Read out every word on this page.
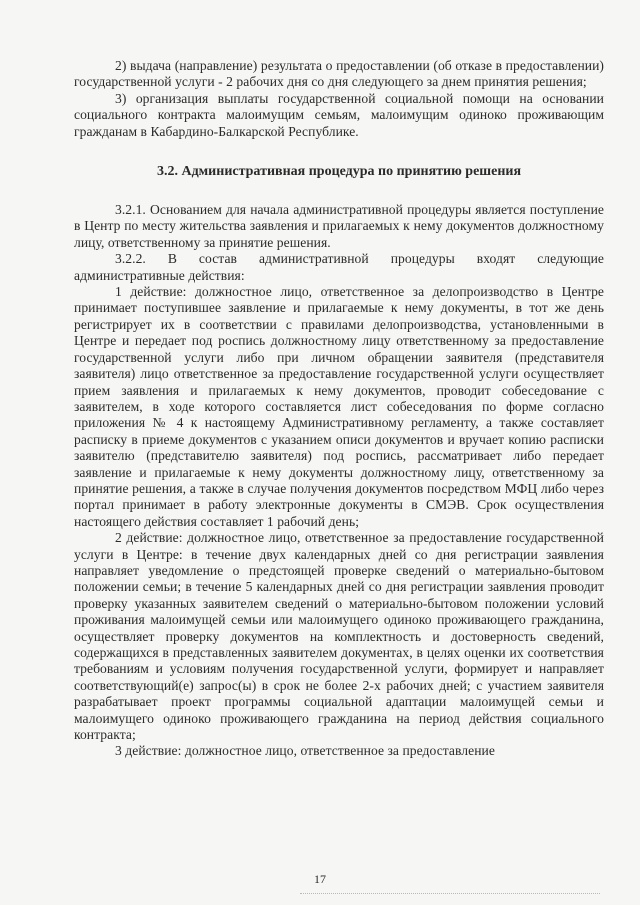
2) выдача (направление) результата о предоставлении (об отказе в предоставлении) государственной услуги - 2 рабочих дня со дня следующего за днем принятия решения;

3) организация выплаты государственной социальной помощи на основании социального контракта малоимущим семьям, малоимущим одиноко проживающим гражданам в Кабардино-Балкарской Республике.

3.2. Административная процедура по принятию решения

3.2.1. Основанием для начала административной процедуры является поступление в Центр по месту жительства заявления и прилагаемых к нему документов должностному лицу, ответственному за принятие решения.

3.2.2. В состав административной процедуры входят следующие административные действия:

1 действие: должностное лицо, ответственное за делопроизводство в Центре принимает поступившее заявление и прилагаемые к нему документы, в тот же день регистрирует их в соответствии с правилами делопроизводства, установленными в Центре и передает под роспись должностному лицу ответственному за предоставление государственной услуги либо при личном обращении заявителя (представителя заявителя) лицо ответственное за предоставление государственной услуги осуществляет прием заявления и прилагаемых к нему документов, проводит собеседование с заявителем, в ходе которого составляется лист собеседования по форме согласно приложения № 4 к настоящему Административному регламенту, а также составляет расписку в приеме документов с указанием описи документов и вручает копию расписки заявителю (представителю заявителя) под роспись, рассматривает либо передает заявление и прилагаемые к нему документы должностному лицу, ответственному за принятие решения, а также в случае получения документов посредством МФЦ либо через портал принимает в работу электронные документы в СМЭВ. Срок осуществления настоящего действия составляет 1 рабочий день;

2 действие: должностное лицо, ответственное за предоставление государственной услуги в Центре: в течение двух календарных дней со дня регистрации заявления направляет уведомление о предстоящей проверке сведений о материально-бытовом положении семьи; в течение 5 календарных дней со дня регистрации заявления проводит проверку указанных заявителем сведений о материально-бытовом положении условий проживания малоимущей семьи или малоимущего одиноко проживающего гражданина, осуществляет проверку документов на комплектность и достоверность сведений, содержащихся в представленных заявителем документах, в целях оценки их соответствия требованиям и условиям получения государственной услуги, формирует и направляет соответствующий(е) запрос(ы) в срок не более 2-х рабочих дней; с участием заявителя разрабатывает проект программы социальной адаптации малоимущей семьи и малоимущего одиноко проживающего гражданина на период действия социального контракта;

3 действие: должностное лицо, ответственное за предоставление

17
